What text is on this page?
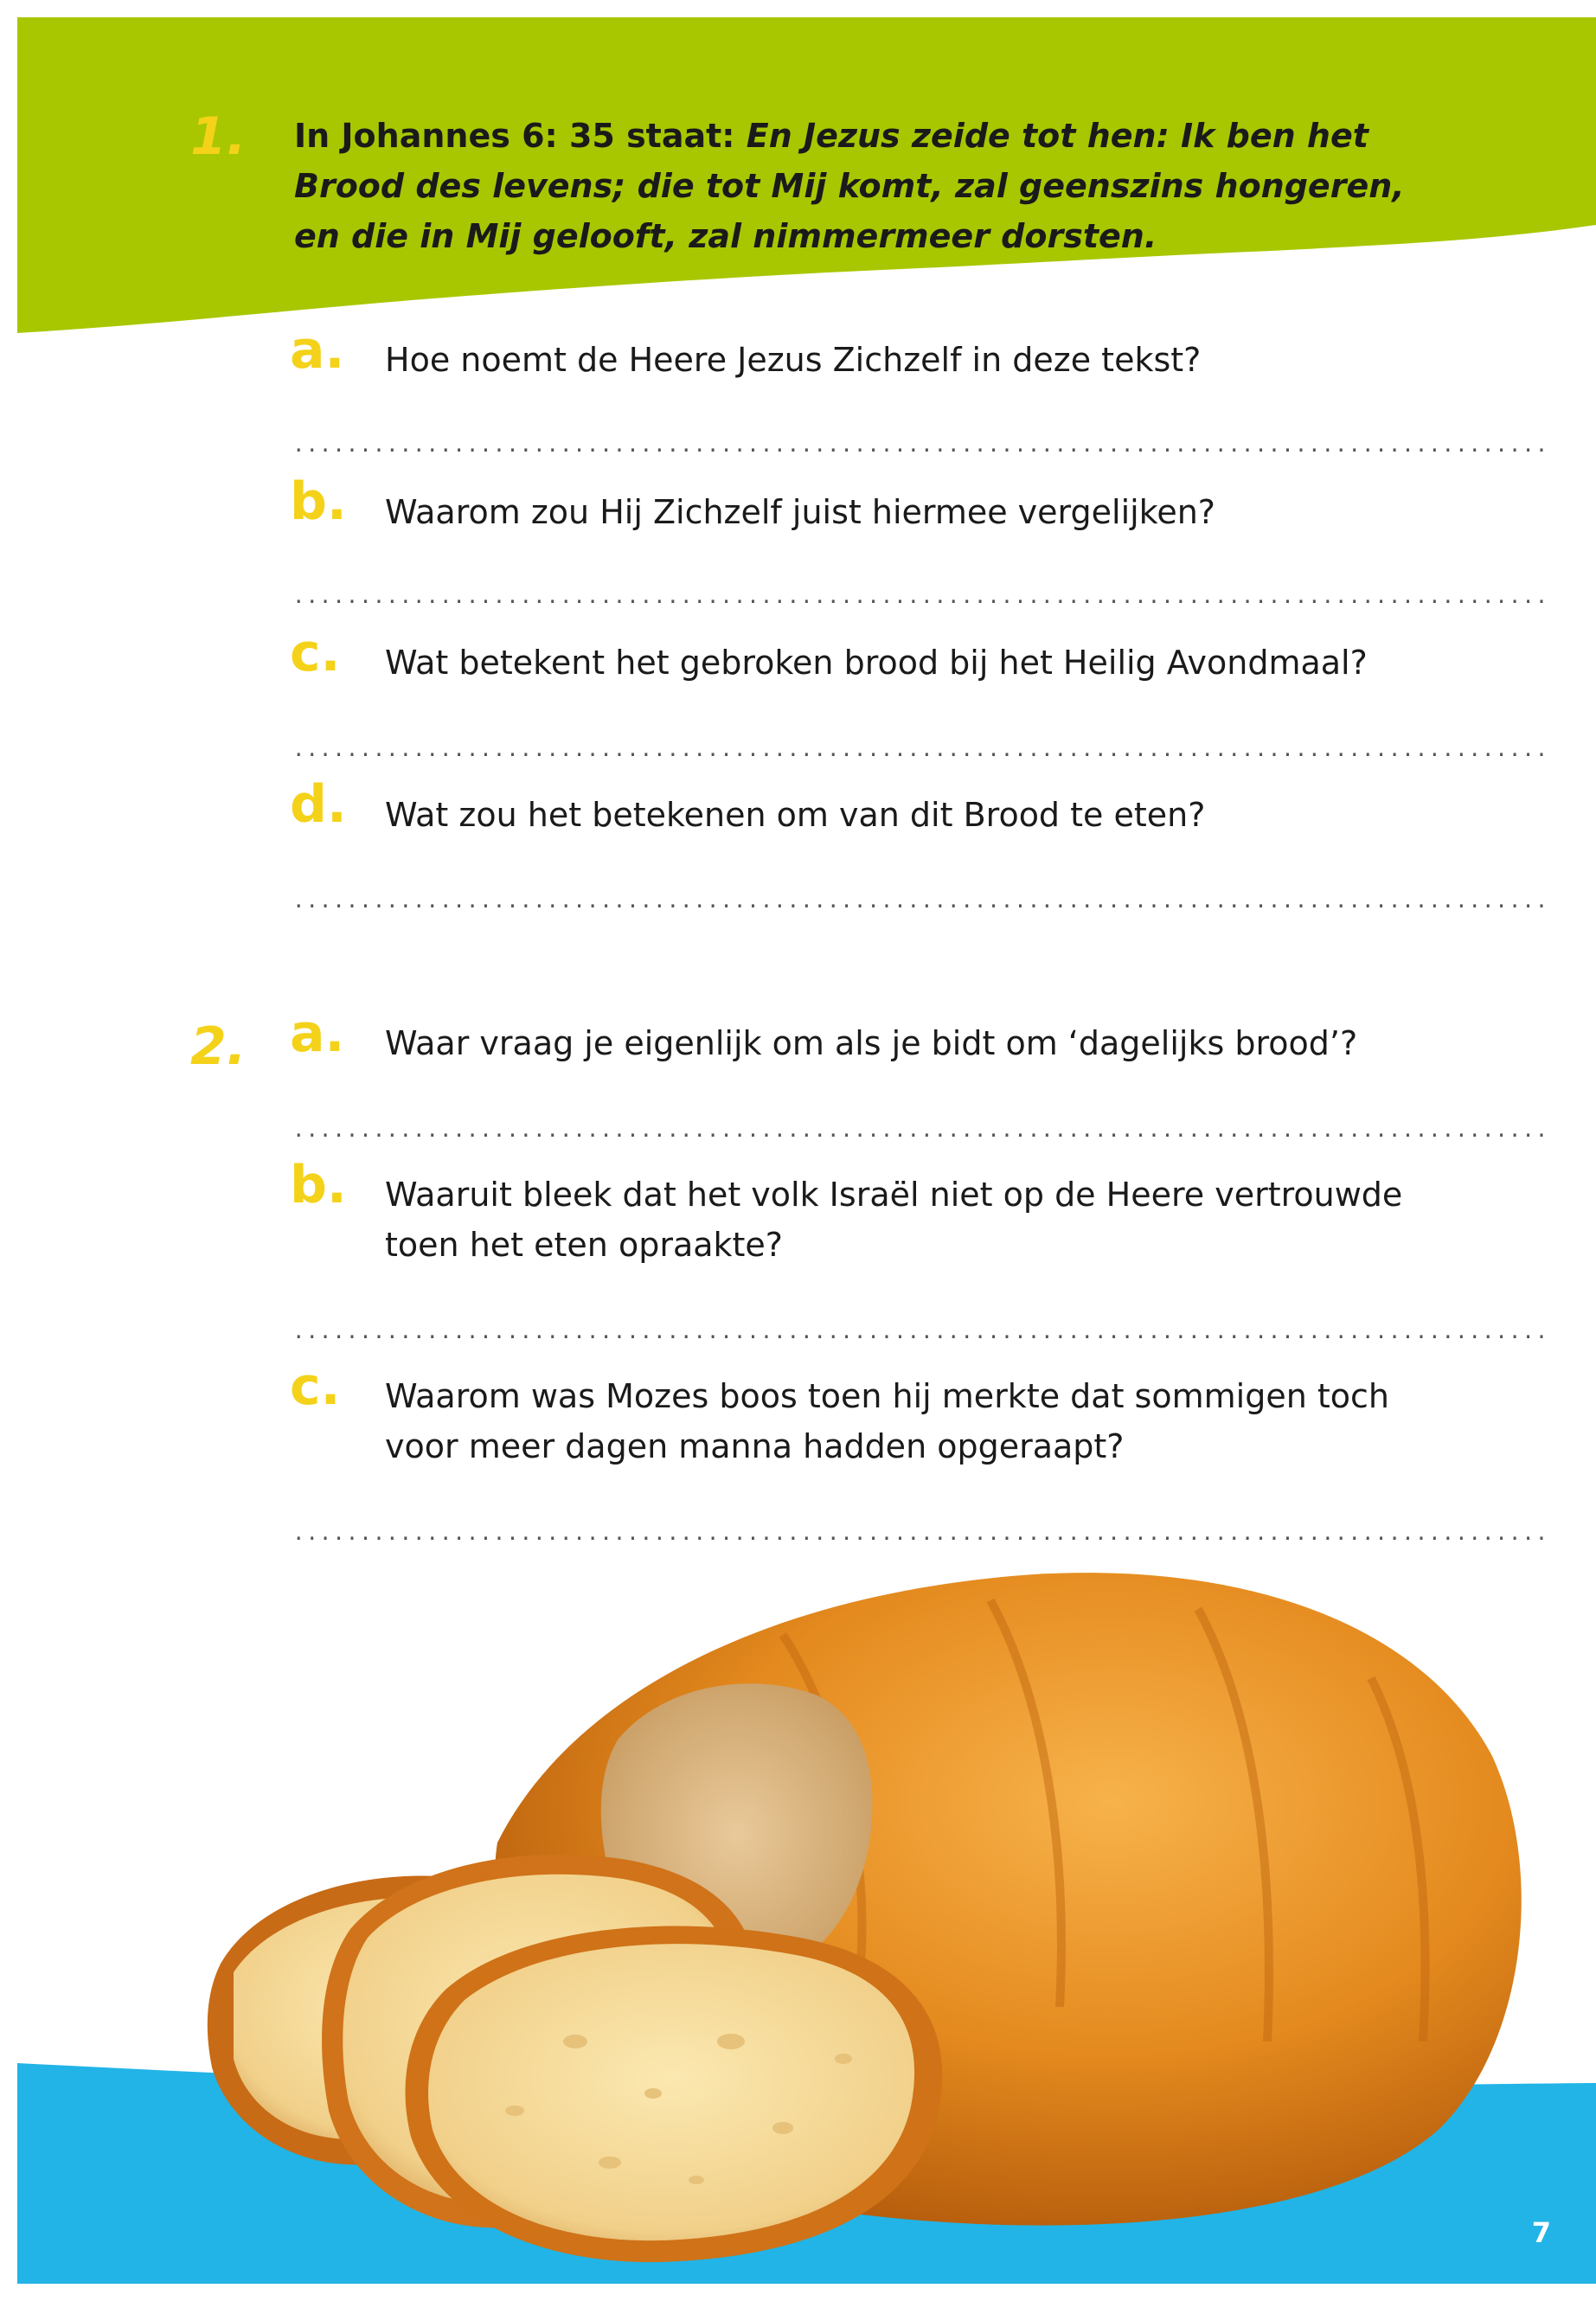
1. In Johannes 6: 35 staat: En Jezus zeide tot hen: Ik ben het Brood des levens; die tot Mij komt, zal geenszins hongeren, en die in Mij gelooft, zal nimmermeer dorsten.
a. Hoe noemt de Heere Jezus Zichzelf in deze tekst?
..............................................................................................
b. Waarom zou Hij Zichzelf juist hiermee vergelijken?
..............................................................................................
c. Wat betekent het gebroken brood bij het Heilig Avondmaal?
..............................................................................................
d. Wat zou het betekenen om van dit Brood te eten?
..............................................................................................
2. a. Waar vraag je eigenlijk om als je bidt om ‘dagelijks brood’?
..............................................................................................
b. Waaruit bleek dat het volk Israël niet op de Heere vertrouwde toen het eten opraakte?
..............................................................................................
c. Waarom was Mozes boos toen hij merkte dat sommigen toch voor meer dagen manna hadden opgeraapt?
..............................................................................................
7
